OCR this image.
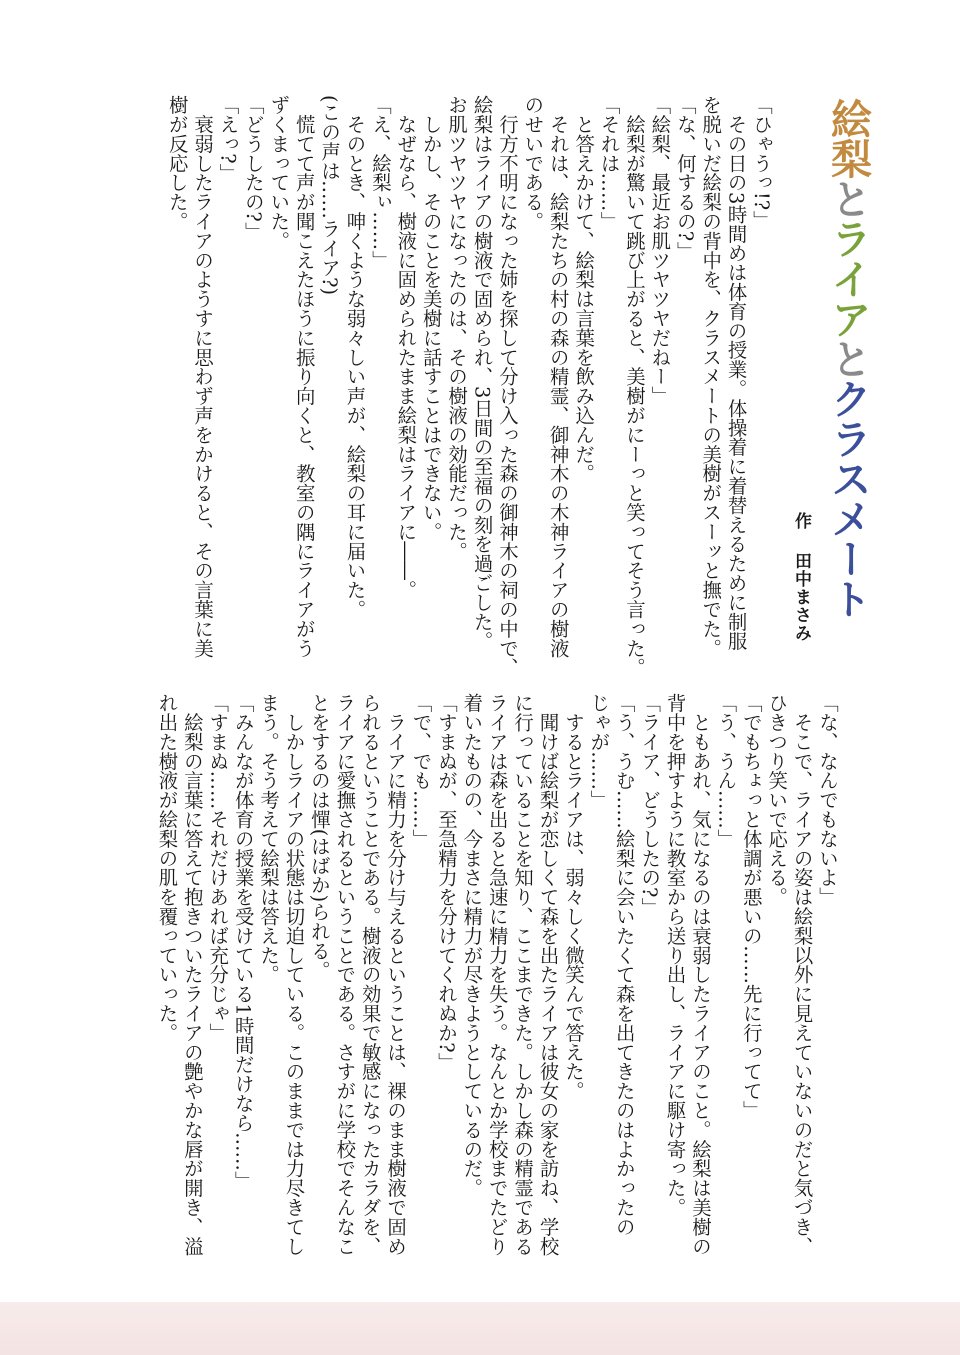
絵梨とライアとクラスメート
作田中まさみ
「ひゃうっ!?」
　その日の3時間めは体育の授業。体操着に着替えるために制服
を脱いだ絵梨の背中を、クラスメートの美樹がスーッと撫でた。
「な、何するの?」
「絵梨、最近お肌ツヤツヤだねー」
　絵梨が驚いて跳び上がると、美樹がにーっと笑ってそう言った。
「それは……」
　と答えかけて、絵梨は言葉を飲み込んだ。
　それは、絵梨たちの村の森の精霊、御神木の木神ライアの樹液
のせいである。
　行方不明になった姉を探して分け入った森の御神木の祠の中で、
絵梨はライアの樹液で固められ、3日間の至福の刻を過ごした。
お肌ツヤツヤになったのは、その樹液の効能だった。
　しかし、そのことを美樹に話すことはできない。
　なぜなら、樹液に固められたまま絵梨はライアに――。
「え、絵梨ぃ……」
　そのとき、呻くような弱々しい声が、絵梨の耳に届いた。
(この声は……ライア?)
　慌てて声が聞こえたほうに振り向くと、教室の隅にライアがう
ずくまっていた。
「どうしたの?」
「えっ?」
　衰弱したライアのようすに思わず声をかけると、その言葉に美
樹が反応した。
「な、なんでもないよ」
　そこで、ライアの姿は絵梨以外に見えていないのだと気づき、
ひきつり笑いで応える。
「でもちょっと体調が悪いの……先に行ってて」
「う、うん……」
　ともあれ、気になるのは衰弱したライアのこと。絵梨は美樹の
背中を押すように教室から送り出し、ライアに駆け寄った。
「ライア、どうしたの?」
「う、うむ……絵梨に会いたくて森を出てきたのはよかったの
じゃが……」
　するとライアは、弱々しく微笑んで答えた。
　聞けば絵梨が恋しくて森を出たライアは彼女の家を訪ね、学校
に行っていることを知り、ここまできた。しかし森の精霊である
ライアは森を出ると急速に精力を失う。なんとか学校までたどり
着いたものの、今まさに精力が尽きようとしているのだ。
「すまぬが、至急精力を分けてくれぬか?」
「で、でも……」
　ライアに精力を分け与えるということは、裸のまま樹液で固め
られるということである。樹液の効果で敏感になったカラダを、
ライアに愛撫されるということである。さすがに学校でそんなこ
とをするのは憚(はばか)られる。
　しかしライアの状態は切迫している。このままでは力尽きてし
まう。そう考えて絵梨は答えた。
「みんなが体育の授業を受けている1時間だけなら……」
「すまぬ……それだけあれば充分じゃ」
　絵梨の言葉に答えて抱きついたライアの艶やかな唇が開き、溢
れ出た樹液が絵梨の肌を覆っていった。
